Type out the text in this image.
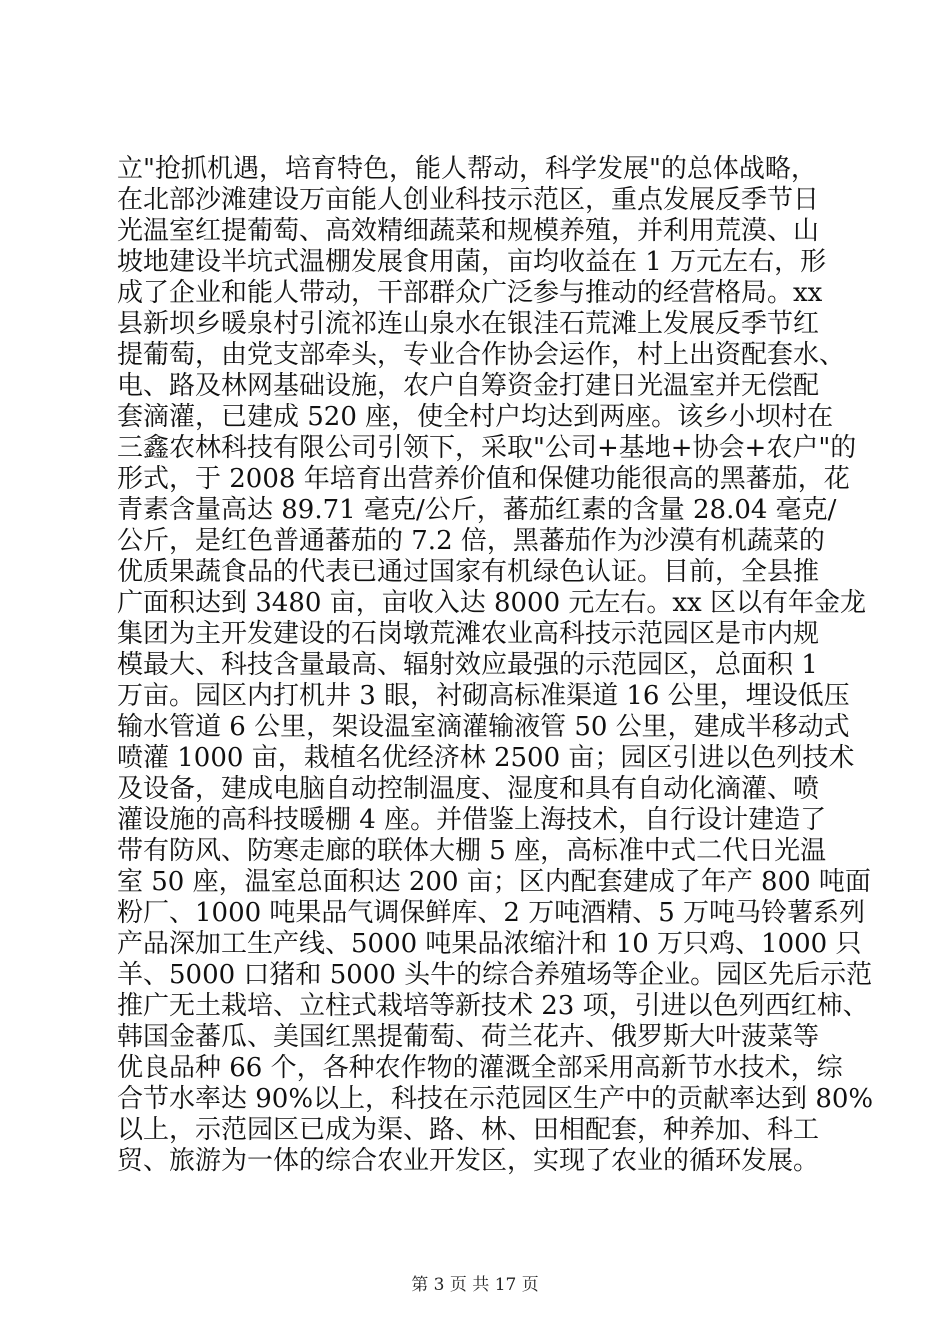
立"抢抓机遇，培育特色，能人帮动，科学发展"的总体战略，
在北部沙滩建设万亩能人创业科技示范区，重点发展反季节日
光温室红提葡萄、高效精细蔬菜和规模养殖，并利用荒漠、山
坡地建设半坑式温棚发展食用菌，亩均收益在 1 万元左右，形
成了企业和能人带动，干部群众广泛参与推动的经营格局。xx
县新坝乡暖泉村引流祁连山泉水在银洼石荒滩上发展反季节红
提葡萄，由党支部牵头，专业合作协会运作，村上出资配套水、
电、路及林网基础设施，农户自筹资金打建日光温室并无偿配
套滴灌，已建成 520 座，使全村户均达到两座。该乡小坝村在
三鑫农林科技有限公司引领下，采取"公司+基地+协会+农户"的
形式，于 2008 年培育出营养价值和保健功能很高的黑蕃茄，花
青素含量高达 89.71 毫克/公斤，蕃茄红素的含量 28.04 毫克/
公斤，是红色普通蕃茄的 7.2 倍，黑蕃茄作为沙漠有机蔬菜的
优质果蔬食品的代表已通过国家有机绿色认证。目前，全县推
广面积达到 3480 亩，亩收入达 8000 元左右。xx 区以有年金龙
集团为主开发建设的石岗墩荒滩农业高科技示范园区是市内规
模最大、科技含量最高、辐射效应最强的示范园区，总面积 1
万亩。园区内打机井 3 眼，衬砌高标准渠道 16 公里，埋设低压
输水管道 6 公里，架设温室滴灌输液管 50 公里，建成半移动式
喷灌 1000 亩，栽植名优经济林 2500 亩；园区引进以色列技术
及设备，建成电脑自动控制温度、湿度和具有自动化滴灌、喷
灌设施的高科技暖棚 4 座。并借鉴上海技术，自行设计建造了
带有防风、防寒走廊的联体大棚 5 座，高标准中式二代日光温
室 50 座，温室总面积达 200 亩；区内配套建成了年产 800 吨面
粉厂、1000 吨果品气调保鲜库、2 万吨酒精、5 万吨马铃薯系列
产品深加工生产线、5000 吨果品浓缩汁和 10 万只鸡、1000 只
羊、5000 口猪和 5000 头牛的综合养殖场等企业。园区先后示范
推广无土栽培、立柱式栽培等新技术 23 项，引进以色列西红柿、
韩国金蕃瓜、美国红黑提葡萄、荷兰花卉、俄罗斯大叶菠菜等
优良品种 66 个，各种农作物的灌溉全部采用高新节水技术，综
合节水率达 90%以上，科技在示范园区生产中的贡献率达到 80%
以上，示范园区已成为渠、路、林、田相配套，种养加、科工
贸、旅游为一体的综合农业开发区，实现了农业的循环发展。
第 3 页 共 17 页
